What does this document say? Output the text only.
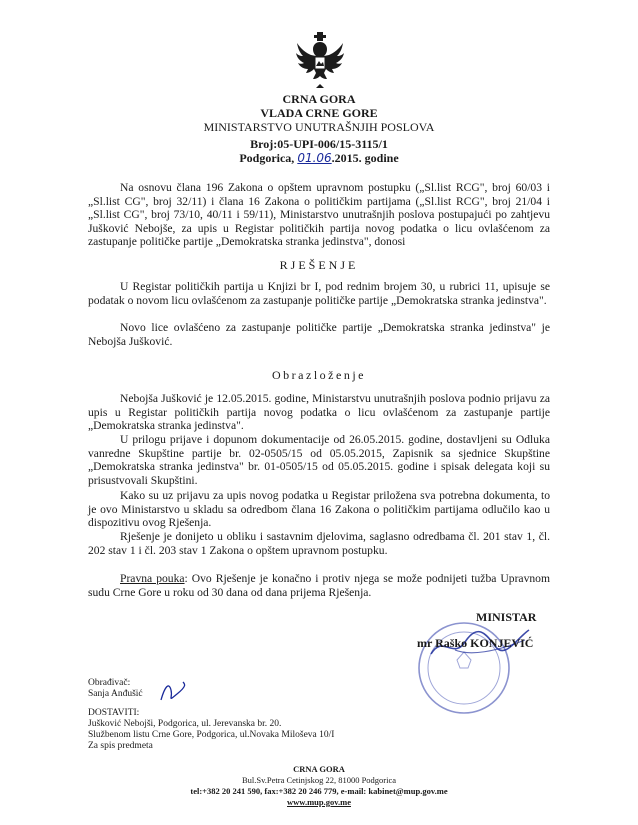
CRNA GORA
VLADA CRNE GORE
MINISTARSTVO UNUTRAŠNJIH POSLOVA
Broj:05-UPI-006/15-3115/1
Podgorica, 01.06.2015. godine
Na osnovu člana 196 Zakona o opštem upravnom postupku („Sl.list RCG", broj 60/03 i „Sl.list CG", broj 32/11) i člana 16 Zakona o političkim partijama („Sl.list RCG", broj 21/04 i „Sl.list CG", broj 73/10, 40/11 i 59/11), Ministarstvo unutrašnjih poslova postupajući po zahtjevu Jušković Nebojše, za upis u Registar političkih partija novog podatka o licu ovlašćenom za zastupanje političke partije „Demokratska stranka jedinstva", donosi
RJEŠENJE
U Registar političkih partija u Knjizi br I, pod rednim brojem 30, u rubrici 11, upisuje se podatak o novom licu ovlašćenom za zastupanje političke partije „Demokratska stranka jedinstva".
Novo lice ovlašćeno za zastupanje političke partije „Demokratska stranka jedinstva" je Nebojša Jušković.
Obrazloženje
Nebojša Jušković je 12.05.2015. godine, Ministarstvu unutrašnjih poslova podnio prijavu za upis u Registar političkih partija novog podatka o licu ovlašćenom za zastupanje partije „Demokratska stranka jedinstva".
U prilogu prijave i dopunom dokumentacije od 26.05.2015. godine, dostavljeni su Odluka vanredne Skupštine partije br. 02-0505/15 od 05.05.2015, Zapisnik sa sjednice Skupštine „Demokratska stranka jedinstva" br. 01-0505/15 od 05.05.2015. godine i spisak delegata koji su prisustvovali Skupštini.
Kako su uz prijavu za upis novog podatka u Registar priložena sva potrebna dokumenta, to je ovo Ministarstvo u skladu sa odredbom člana 16 Zakona o političkim partijama odlučilo kao u dispozitivu ovog Rješenja.
Rješenje je donijeto u obliku i sastavnim djelovima, saglasno odredbama čl. 201 stav 1, čl. 202 stav 1 i čl. 203 stav 1 Zakona o opštem upravnom postupku.
Pravna pouka: Ovo Rješenje je konačno i protiv njega se može podnijeti tužba Upravnom sudu Crne Gore u roku od 30 dana od dana prijema Rješenja.
MINISTAR
mr Raško KONJEVIĆ
Obrađivač:
Sanja Anđušić
DOSTAVITI:
Jušković Nebojši, Podgorica, ul. Jerevanska br. 20.
Službenom listu Crne Gore, Podgorica, ul.Novaka Miloševa 10/I
Za spis predmeta
CRNA GORA
Bul.Sv.Petra Cetinjskog 22, 81000 Podgorica
tel:+382 20 241 590, fax:+382 20 246 779, e-mail: kabinet@mup.gov.me
www.mup.gov.me
